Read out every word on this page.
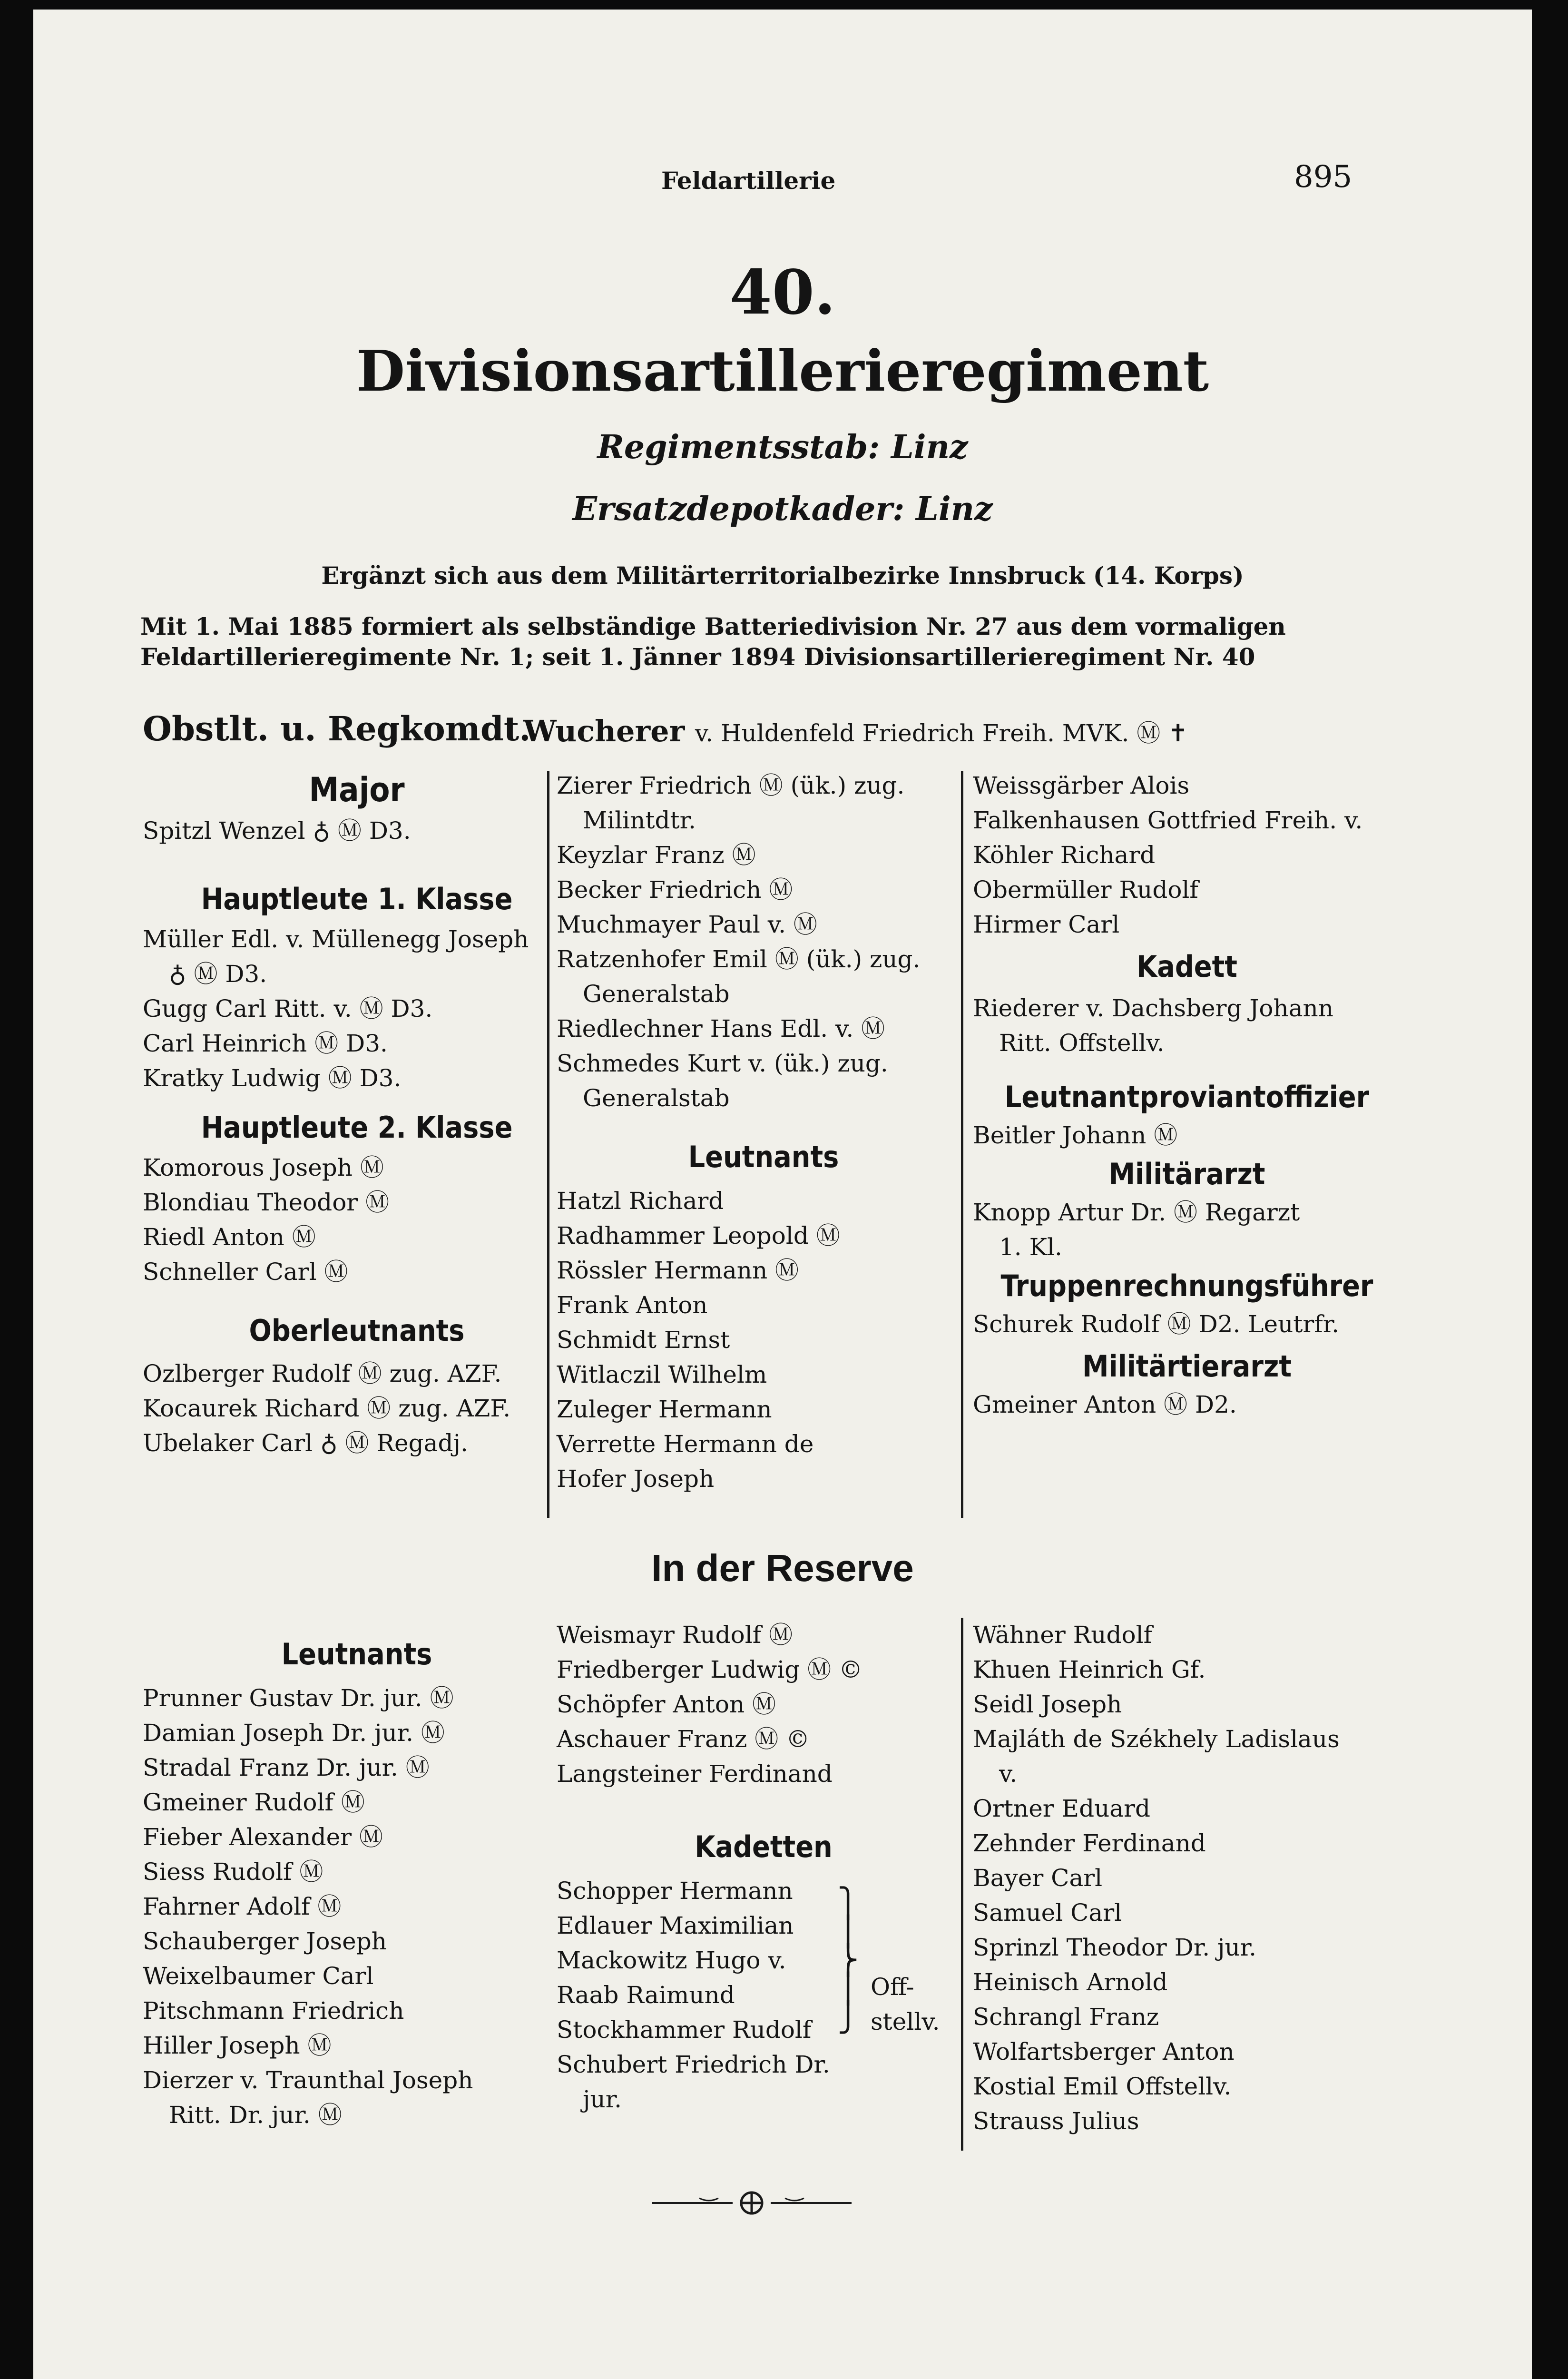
Feldartillerie	895
40.
Divisionsartillerieregiment
Regimentsstab: Linz
Ersatzdepotkader: Linz
Ergänzt sich aus dem Militärterritorialbezirke Innsbruck (14. Korps)
Mit 1. Mai 1885 formiert als selbständige Batteriedivision Nr. 27 aus dem vormaligen Feldartillerieregimente Nr. 1; seit 1. Jänner 1894 Divisionsartillerieregiment Nr. 40
Obstlt. u. Regkomdt.
Wucherer v. Huldenfeld Friedrich Freih. MVK. Ⓜ ✝
Major
Spitzl Wenzel ♁ Ⓜ D3.
Hauptleute 1. Klasse
Müller Edl. v. Müllenegg Joseph
♁ Ⓜ D3.
Gugg Carl Ritt. v. Ⓜ D3.
Carl Heinrich Ⓜ D3.
Kratky Ludwig Ⓜ D3.
Hauptleute 2. Klasse
Komorous Joseph Ⓜ
Blondiau Theodor Ⓜ
Riedl Anton Ⓜ
Schneller Carl Ⓜ
Oberleutnants
Ozlberger Rudolf Ⓜ zug. AZF.
Kocaurek Richard Ⓜ zug. AZF.
Ubelaker Carl ♁ Ⓜ Regadj.
Zierer Friedrich Ⓜ (ük.) zug.
Milintdtr.
Keyzlar Franz Ⓜ
Becker Friedrich Ⓜ
Muchmayer Paul v. Ⓜ
Ratzenhofer Emil Ⓜ (ük.) zug.
Generalstab
Riedlechner Hans Edl. v. Ⓜ
Schmedes Kurt v. (ük.) zug.
Generalstab
Leutnants
Hatzl Richard
Radhammer Leopold Ⓜ
Rössler Hermann Ⓜ
Frank Anton
Schmidt Ernst
Witlaczil Wilhelm
Zuleger Hermann
Verrette Hermann de
Hofer Joseph
Weissgärber Alois
Falkenhausen Gottfried Freih. v.
Köhler Richard
Obermüller Rudolf
Hirmer Carl
Kadett
Riederer v. Dachsberg Johann
Ritt. Offstellv.
Leutnantproviantoffizier
Beitler Johann Ⓜ
Militärarzt
Knopp Artur Dr. Ⓜ Regarzt
1. Kl.
Truppenrechnungsführer
Schurek Rudolf Ⓜ D2. Leutrfr.
Militärtierarzt
Gmeiner Anton Ⓜ D2.
In der Reserve
Leutnants
Prunner Gustav Dr. jur. Ⓜ
Damian Joseph Dr. jur. Ⓜ
Stradal Franz Dr. jur. Ⓜ
Gmeiner Rudolf Ⓜ
Fieber Alexander Ⓜ
Siess Rudolf Ⓜ
Fahrner Adolf Ⓜ
Schauberger Joseph
Weixelbaumer Carl
Pitschmann Friedrich
Hiller Joseph Ⓜ
Dierzer v. Traunthal Joseph
Ritt. Dr. jur. Ⓜ
Weismayr Rudolf Ⓜ
Friedberger Ludwig Ⓜ ©
Schöpfer Anton Ⓜ
Aschauer Franz Ⓜ ©
Langsteiner Ferdinand
Kadetten
Schopper Hermann
Edlauer Maximilian
Mackowitz Hugo v.
Raab Raimund
Stockhammer Rudolf
Schubert Friedrich Dr.
jur.
⎫
⎪
⎬
⎪
⎭
Off-
stellv.
Wähner Rudolf
Khuen Heinrich Gf.
Seidl Joseph
Majláth de Székhely Ladislaus
v.
Ortner Eduard
Zehnder Ferdinand
Bayer Carl
Samuel Carl
Sprinzl Theodor Dr. jur.
Heinisch Arnold
Schrangl Franz
Wolfartsberger Anton
Kostial Emil Offstellv.
Strauss Julius
